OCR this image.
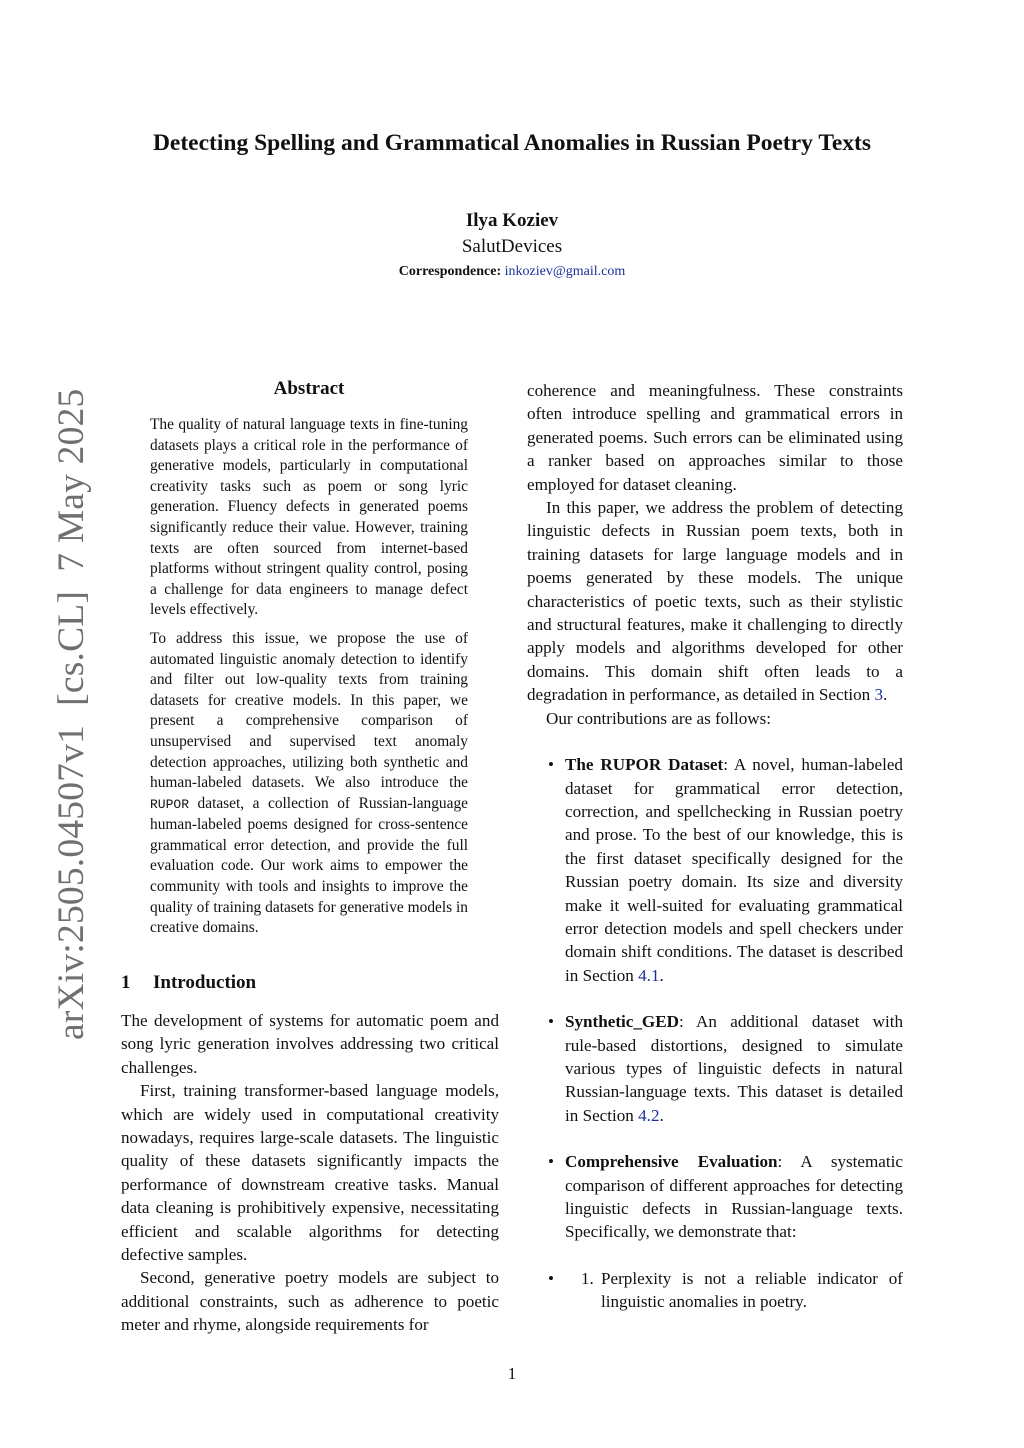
Detecting Spelling and Grammatical Anomalies in Russian Poetry Texts
Ilya Koziev
SalutDevices
Correspondence: inkoziev@gmail.com
arXiv:2505.04507v1  [cs.CL]  7 May 2025
Abstract

The quality of natural language texts in fine-tuning datasets plays a critical role in the performance of generative models, particularly in computational creativity tasks such as poem or song lyric generation. Fluency defects in generated poems significantly reduce their value. However, training texts are often sourced from internet-based platforms without stringent quality control, posing a challenge for data engineers to manage defect levels effectively.

To address this issue, we propose the use of automated linguistic anomaly detection to identify and filter out low-quality texts from training datasets for creative models. In this paper, we present a comprehensive comparison of unsupervised and supervised text anomaly detection approaches, utilizing both synthetic and human-labeled datasets. We also introduce the RUPOR dataset, a collection of Russian-language human-labeled poems designed for cross-sentence grammatical error detection, and provide the full evaluation code. Our work aims to empower the community with tools and insights to improve the quality of training datasets for generative models in creative domains.

1 Introduction

The development of systems for automatic poem and song lyric generation involves addressing two critical challenges.

First, training transformer-based language models, which are widely used in computational creativity nowadays, requires large-scale datasets. The linguistic quality of these datasets significantly impacts the performance of downstream creative tasks. Manual data cleaning is prohibitively expensive, necessitating efficient and scalable algorithms for detecting defective samples.

Second, generative poetry models are subject to additional constraints, such as adherence to poetic meter and rhyme, alongside requirements for

coherence and meaningfulness. These constraints often introduce spelling and grammatical errors in generated poems. Such errors can be eliminated using a ranker based on approaches similar to those employed for dataset cleaning.

In this paper, we address the problem of detecting linguistic defects in Russian poem texts, both in training datasets for large language models and in poems generated by these models. The unique characteristics of poetic texts, such as their stylistic and structural features, make it challenging to directly apply models and algorithms developed for other domains. This domain shift often leads to a degradation in performance, as detailed in Section 3.

Our contributions are as follows:

• The RUPOR Dataset: A novel, human-labeled dataset for grammatical error detection, correction, and spellchecking in Russian poetry and prose. To the best of our knowledge, this is the first dataset specifically designed for the Russian poetry domain. Its size and diversity make it well-suited for evaluating grammatical error detection models and spell checkers under domain shift conditions. The dataset is described in Section 4.1.
• Synthetic_GED: An additional dataset with rule-based distortions, designed to simulate various types of linguistic defects in natural Russian-language texts. This dataset is detailed in Section 4.2.
• Comprehensive Evaluation: A systematic comparison of different approaches for detecting linguistic defects in Russian-language texts. Specifically, we demonstrate that:
• 1. Perplexity is not a reliable indicator of linguistic anomalies in poetry.
1
